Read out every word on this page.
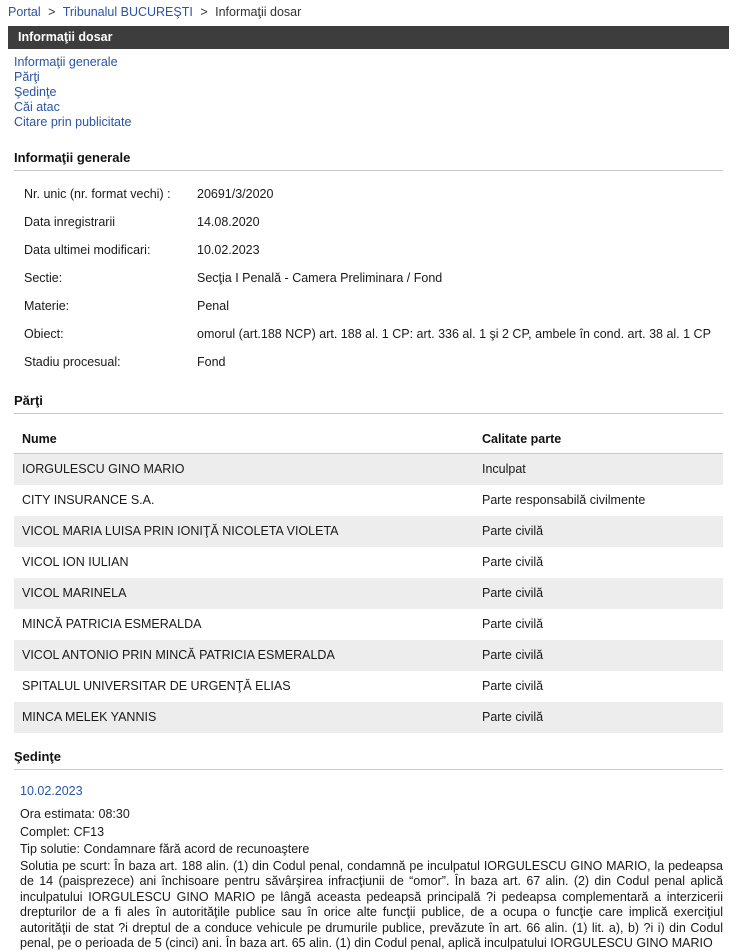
Portal > Tribunalul BUCUREŞTI > Informaţii dosar
Informaţii dosar
Informaţii generale
Părţi
Şedinţe
Căi atac
Citare prin publicitate
Informaţii generale
Nr. unic (nr. format vechi) :	20691/3/2020
Data inregistrarii	14.08.2020
Data ultimei modificari:	10.02.2023
Sectie:	Secţia I Penală - Camera Preliminara / Fond
Materie:	Penal
Obiect:	omorul (art.188 NCP) art. 188 al. 1 CP: art. 336 al. 1 şi 2 CP, ambele în cond. art. 38 al. 1 CP
Stadiu procesual:	Fond
Părţi
Nume	Calitate parte
IORGULESCU GINO MARIO	Inculpat
CITY INSURANCE S.A.	Parte responsabilă civilmente
VICOL MARIA LUISA PRIN IONIŢĂ NICOLETA VIOLETA	Parte civilă
VICOL ION IULIAN	Parte civilă
VICOL MARINELA	Parte civilă
MINCĂ PATRICIA ESMERALDA	Parte civilă
VICOL ANTONIO PRIN MINCĂ PATRICIA ESMERALDA	Parte civilă
SPITALUL UNIVERSITAR DE URGENŢĂ ELIAS	Parte civilă
MINCA MELEK YANNIS	Parte civilă
Şedinţe
10.02.2023
Ora estimata: 08:30
Complet: CF13
Tip solutie: Condamnare fără acord de recunoaştere

Solutia pe scurt: În baza art. 188 alin. (1) din Codul penal, condamnă pe inculpatul IORGULESCU GINO MARIO, la pedeapsa de 14 (paisprezece) ani închisoare pentru săvârşirea infracţiunii de “omor”. În baza art. 67 alin. (2) din Codul penal aplică inculpatului IORGULESCU GINO MARIO pe lângă aceasta pedeapsă principală ?i pedeapsa complementară a interzicerii drepturilor de a fi ales în autorităţile publice sau în orice alte funcţii publice, de a ocupa o funcţie care implică exerciţiul autorităţii de stat ?i dreptul de a conduce vehicule pe drumurile publice, prevăzute în art. 66 alin. (1) lit. a), b) ?i i) din Codul penal, pe o perioada de 5 (cinci) ani. În baza art. 65 alin. (1) din Codul penal, aplică inculpatului IORGULESCU GINO MARIO
